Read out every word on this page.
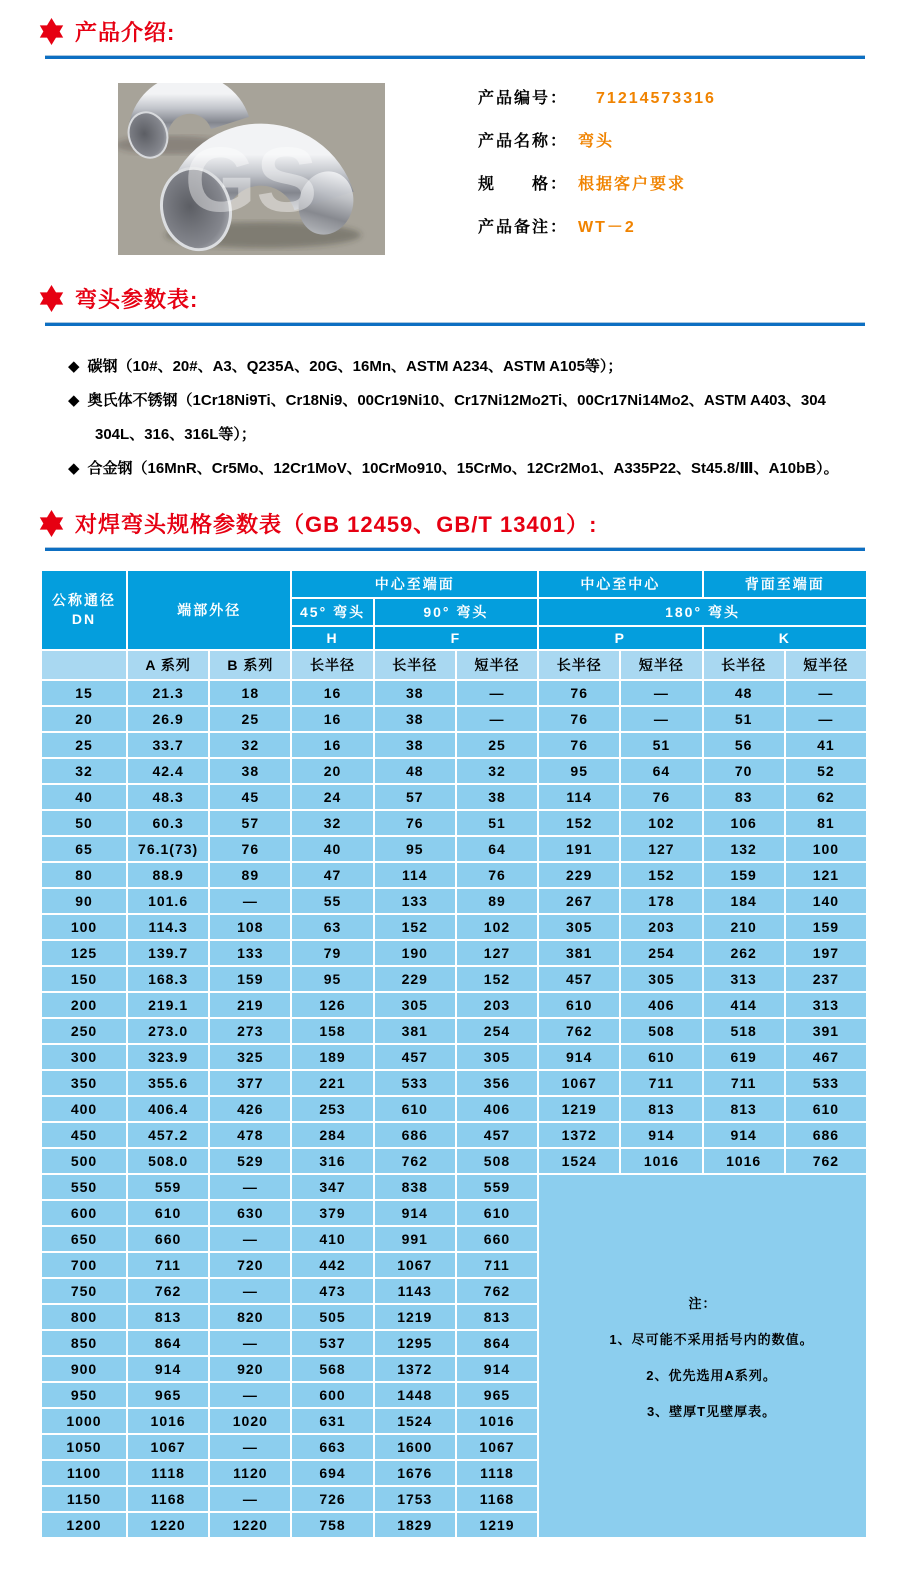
产品介绍:
GS
产品编号： 71214573316
产品名称： 弯头
规　　格： 根据客户要求
产品备注： WT－2
弯头参数表:
◆ 碳钢（10#、20#、A3、Q235A、20G、16Mn、ASTM A234、ASTM A105等）；
◆ 奥氏体不锈钢（1Cr18Ni9Ti、Cr18Ni9、00Cr19Ni10、Cr17Ni12Mo2Ti、00Cr17Ni14Mo2、ASTM A403、304 304L、316、316L等）；
◆ 合金钢（16MnR、Cr5Mo、12Cr1MoV、10CrMo910、15CrMo、12Cr2Mo1、A335P22、St45.8/Ⅲ、A10bB）。
对焊弯头规格参数表（GB 12459、GB/T 13401）:
公称通径
DN	端部外径		中心至端面			中心至中心		背面至端面	
			45° 弯头	90° 弯头		180° 弯头			
			H	F		P		K	
	A 系列	B 系列	长半径	长半径	短半径	长半径	短半径	长半径	短半径
15	21.3	18	16	38	—	76	—	48	—
20	26.9	25	16	38	—	76	—	51	—
25	33.7	32	16	38	25	76	51	56	41
32	42.4	38	20	48	32	95	64	70	52
40	48.3	45	24	57	38	114	76	83	62
50	60.3	57	32	76	51	152	102	106	81
65	76.1(73)	76	40	95	64	191	127	132	100
80	88.9	89	47	114	76	229	152	159	121
90	101.6	—	55	133	89	267	178	184	140
100	114.3	108	63	152	102	305	203	210	159
125	139.7	133	79	190	127	381	254	262	197
150	168.3	159	95	229	152	457	305	313	237
200	219.1	219	126	305	203	610	406	414	313
250	273.0	273	158	381	254	762	508	518	391
300	323.9	325	189	457	305	914	610	619	467
350	355.6	377	221	533	356	1067	711	711	533
400	406.4	426	253	610	406	1219	813	813	610
450	457.2	478	284	686	457	1372	914	914	686
500	508.0	529	316	762	508	1524	1016	1016	762
550	559	—	347	838	559	注：
1、尽可能不采用括号内的数值。
2、优先选用A系列。
3、壁厚T见壁厚表。			

600	610	630	379	914	610				
650	660	—	410	991	660				
700	711	720	442	1067	711				
750	762	—	473	1143	762				
800	813	820	505	1219	813				
850	864	—	537	1295	864				
900	914	920	568	1372	914				
950	965	—	600	1448	965				
1000	1016	1020	631	1524	1016				
1050	1067	—	663	1600	1067				
1100	1118	1120	694	1676	1118				
1150	1168	—	726	1753	1168				
1200	1220	1220	758	1829	1219				
